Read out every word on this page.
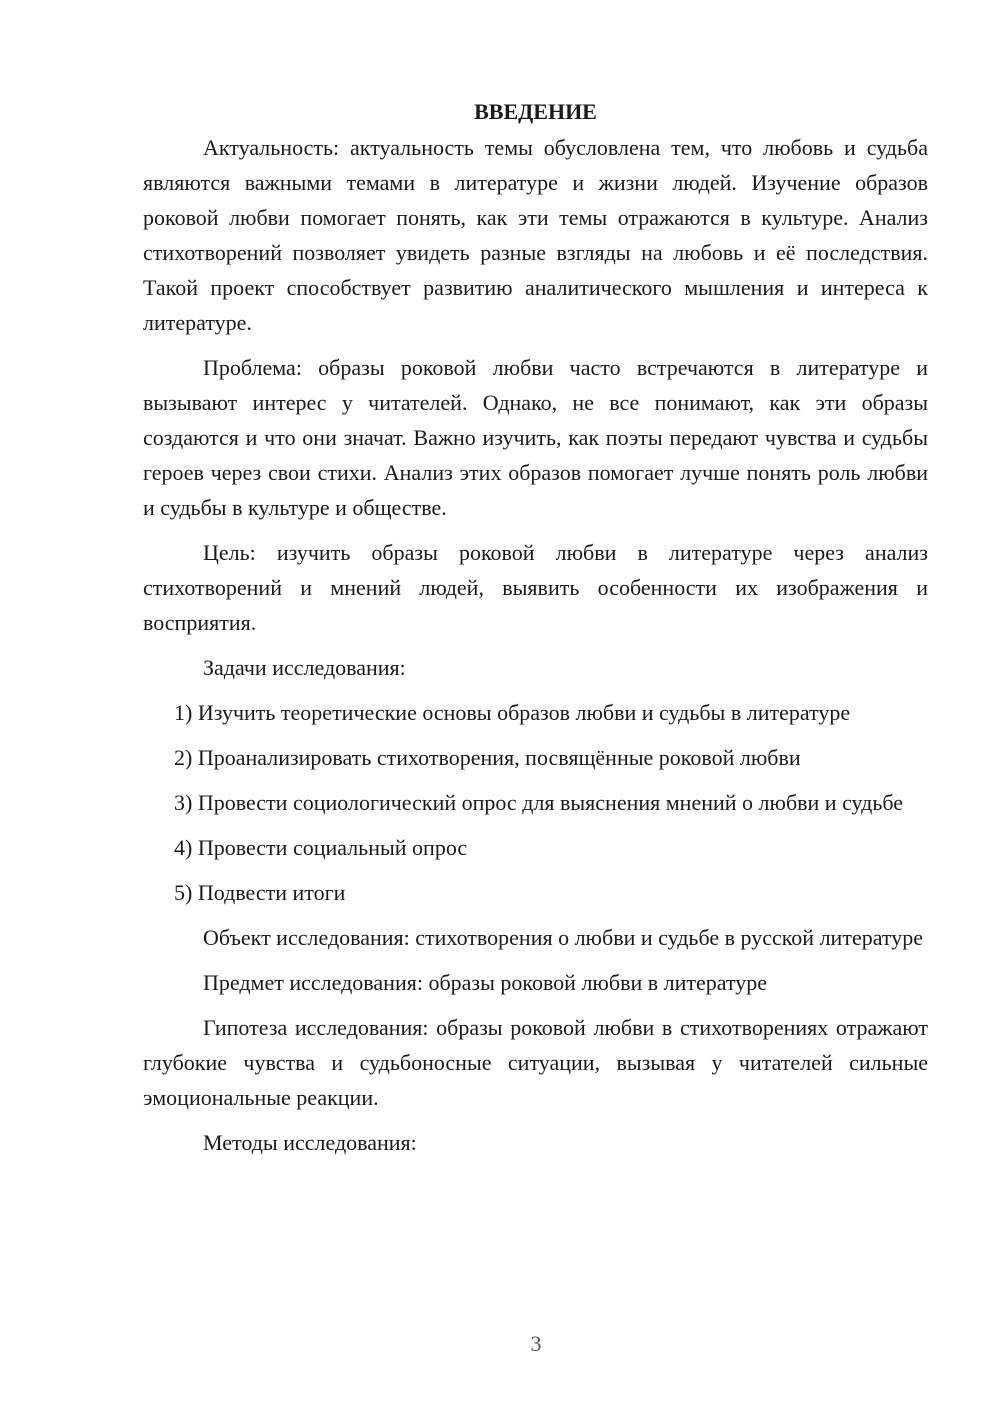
ВВЕДЕНИЕ

Актуальность: актуальность темы обусловлена тем, что любовь и судьба являются важными темами в литературе и жизни людей. Изучение образов роковой любви помогает понять, как эти темы отражаются в культуре. Анализ стихотворений позволяет увидеть разные взгляды на любовь и её последствия. Такой проект способствует развитию аналитического мышления и интереса к литературе.

Проблема: образы роковой любви часто встречаются в литературе и вызывают интерес у читателей. Однако, не все понимают, как эти образы создаются и что они значат. Важно изучить, как поэты передают чувства и судьбы героев через свои стихи. Анализ этих образов помогает лучше понять роль любви и судьбы в культуре и обществе.

Цель: изучить образы роковой любви в литературе через анализ стихотворений и мнений людей, выявить особенности их изображения и восприятия.

Задачи исследования:

1) Изучить теоретические основы образов любви и судьбы в литературе

2) Проанализировать стихотворения, посвящённые роковой любви

3) Провести социологический опрос для выяснения мнений о любви и судьбе

4) Провести социальный опрос

5) Подвести итоги

Объект исследования: стихотворения о любви и судьбе в русской литературе

Предмет исследования: образы роковой любви в литературе

Гипотеза исследования: образы роковой любви в стихотворениях отражают глубокие чувства и судьбоносные ситуации, вызывая у читателей сильные эмоциональные реакции.

Методы исследования:

3
